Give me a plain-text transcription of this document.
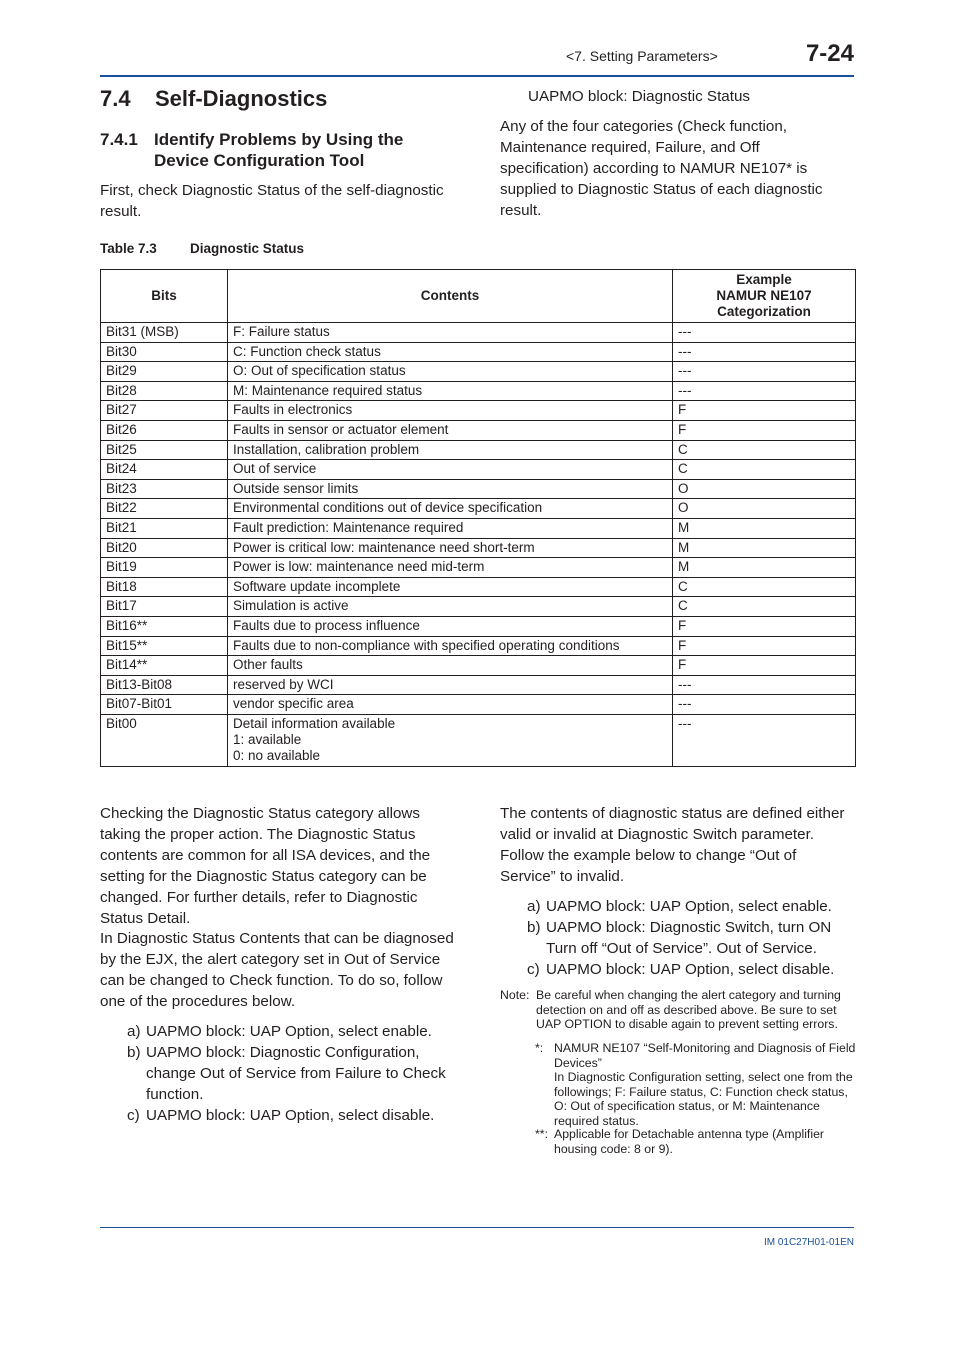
<7. Setting Parameters>	7-24
7.4 Self-Diagnostics
7.4.1 Identify Problems by Using the Device Configuration Tool
First, check Diagnostic Status of the self-diagnostic result.
UAPMO block: Diagnostic Status
Any of the four categories (Check function, Maintenance required, Failure, and Off specification) according to NAMUR NE107* is supplied to Diagnostic Status of each diagnostic result.
Table 7.3 Diagnostic Status
Bits	Contents	Example
NAMUR NE107
Categorization

Bit31 (MSB)	F: Failure status	---
Bit30	C: Function check status	---
Bit29	O: Out of specification status	---
Bit28	M: Maintenance required status	---
Bit27	Faults in electronics	F
Bit26	Faults in sensor or actuator element	F
Bit25	Installation, calibration problem	C
Bit24	Out of service	C
Bit23	Outside sensor limits	O
Bit22	Environmental conditions out of device specification	O
Bit21	Fault prediction: Maintenance required	M
Bit20	Power is critical low: maintenance need short-term	M
Bit19	Power is low: maintenance need mid-term	M
Bit18	Software update incomplete	C
Bit17	Simulation is active	C
Bit16**	Faults due to process influence	F
Bit15**	Faults due to non-compliance with specified operating conditions	F
Bit14**	Other faults	F
Bit13-Bit08	reserved by WCI	---
Bit07-Bit01	vendor specific area	---
Bit00	Detail information available
1: available
0: no available	---
Checking the Diagnostic Status category allows taking the proper action. The Diagnostic Status contents are common for all ISA devices, and the setting for the Diagnostic Status category can be changed. For further details, refer to Diagnostic Status Detail.
In Diagnostic Status Contents that can be diagnosed by the EJX, the alert category set in Out of Service can be changed to Check function. To do so, follow one of the procedures below.
a) UAPMO block: UAP Option, select enable.
b) UAPMO block: Diagnostic Configuration, change Out of Service from Failure to Check function.
c) UAPMO block: UAP Option, select disable.
The contents of diagnostic status are defined either valid or invalid at Diagnostic Switch parameter. Follow the example below to change “Out of Service” to invalid.
a) UAPMO block: UAP Option, select enable.
b) UAPMO block: Diagnostic Switch, turn ON Turn off “Out of Service”. Out of Service.
c) UAPMO block: UAP Option, select disable.
Note: Be careful when changing the alert category and turning detection on and off as described above. Be sure to set UAP OPTION to disable again to prevent setting errors.
*: NAMUR NE107 “Self-Monitoring and Diagnosis of Field Devices”
In Diagnostic Configuration setting, select one from the followings; F: Failure status, C: Function check status, O: Out of specification status, or M: Maintenance required status.
**: Applicable for Detachable antenna type (Amplifier housing code: 8 or 9).
IM 01C27H01-01EN
